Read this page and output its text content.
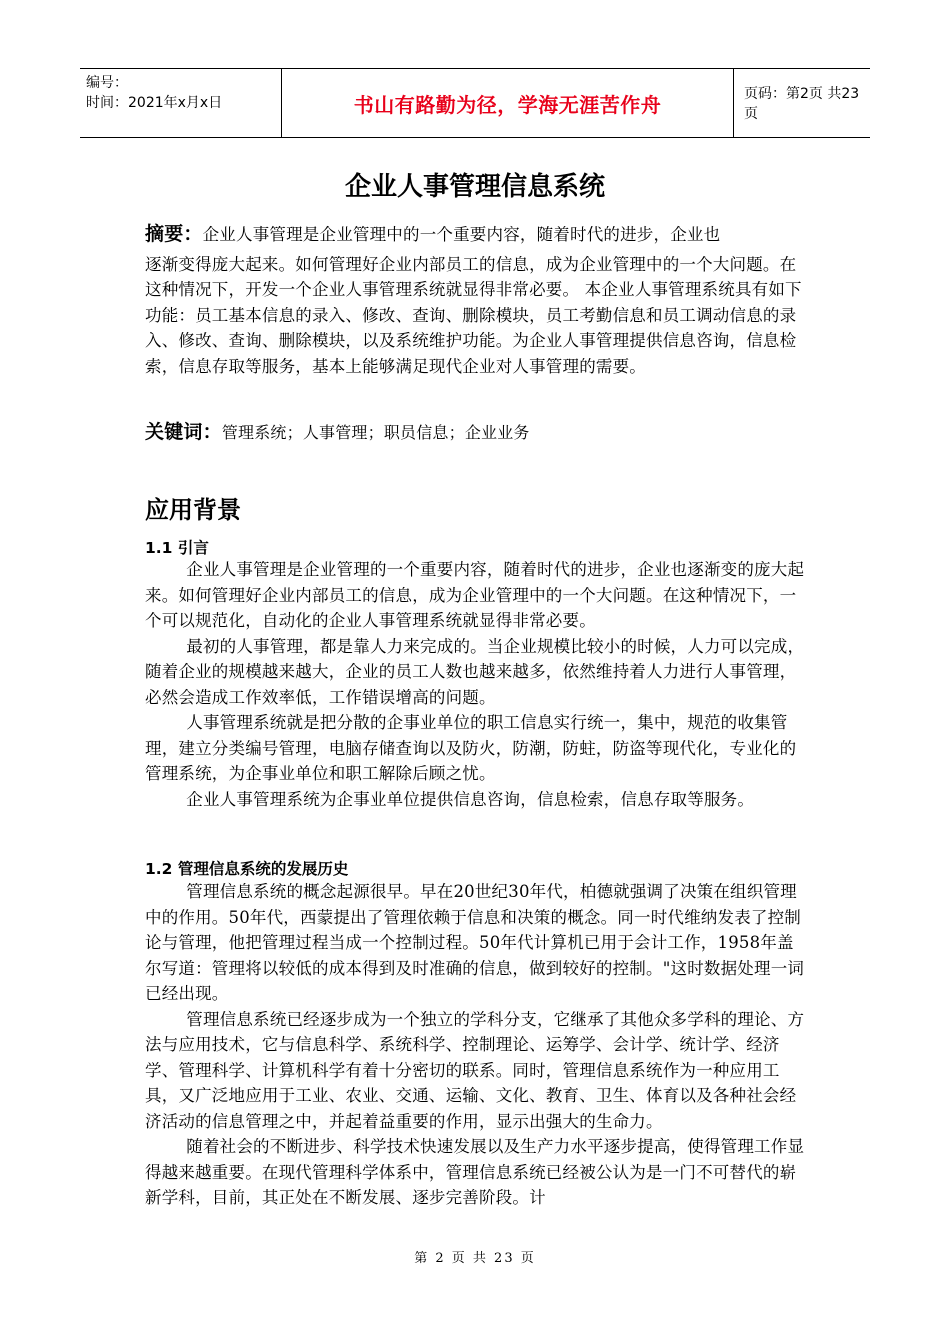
编号：
时间：2021年x月x日	书山有路勤为径，学海无涯苦作舟	页码：第2页 共23页
企业人事管理信息系统
摘要：企业人事管理是企业管理中的一个重要内容，随着时代的进步，企业也
逐渐变得庞大起来。如何管理好企业内部员工的信息，成为企业管理中的一个大问题。在这种情况下，开发一个企业人事管理系统就显得非常必要。 本企业人事管理系统具有如下功能：员工基本信息的录入、修改、查询、删除模块，员工考勤信息和员工调动信息的录入、修改、查询、删除模块，以及系统维护功能。为企业人事管理提供信息咨询，信息检索，信息存取等服务，基本上能够满足现代企业对人事管理的需要。
关键词：管理系统；人事管理；职员信息；企业业务
应用背景
1.1 引言

企业人事管理是企业管理的一个重要内容，随着时代的进步，企业也逐渐变的庞大起来。如何管理好企业内部员工的信息，成为企业管理中的一个大问题。在这种情况下，一个可以规范化，自动化的企业人事管理系统就显得非常必要。

最初的人事管理，都是靠人力来完成的。当企业规模比较小的时候，人力可以完成，随着企业的规模越来越大，企业的员工人数也越来越多，依然维持着人力进行人事管理，必然会造成工作效率低，工作错误增高的问题。

人事管理系统就是把分散的企事业单位的职工信息实行统一，集中，规范的收集管理，建立分类编号管理，电脑存储查询以及防火，防潮，防蛀，防盗等现代化，专业化的管理系统，为企事业单位和职工解除后顾之忧。

企业人事管理系统为企事业单位提供信息咨询，信息检索，信息存取等服务。

1.2 管理信息系统的发展历史

管理信息系统的概念起源很早。早在20世纪30年代，柏德就强调了决策在组织管理中的作用。50年代，西蒙提出了管理依赖于信息和决策的概念。同一时代维纳发表了控制论与管理，他把管理过程当成一个控制过程。50年代计算机已用于会计工作，1958年盖尔写道：管理将以较低的成本得到及时准确的信息，做到较好的控制。"这时数据处理一词已经出现。

管理信息系统已经逐步成为一个独立的学科分支，它继承了其他众多学科的理论、方法与应用技术，它与信息科学、系统科学、控制理论、运筹学、会计学、统计学、经济学、管理科学、计算机科学有着十分密切的联系。同时，管理信息系统作为一种应用工具，又广泛地应用于工业、农业、交通、运输、文化、教育、卫生、体育以及各种社会经济活动的信息管理之中，并起着益重要的作用，显示出强大的生命力。

随着社会的不断进步、科学技术快速发展以及生产力水平逐步提高，使得管理工作显得越来越重要。在现代管理科学体系中，管理信息系统已经被公认为是一门不可替代的崭新学科，目前，其正处在不断发展、逐步完善阶段。计

第 2 页 共 23 页
